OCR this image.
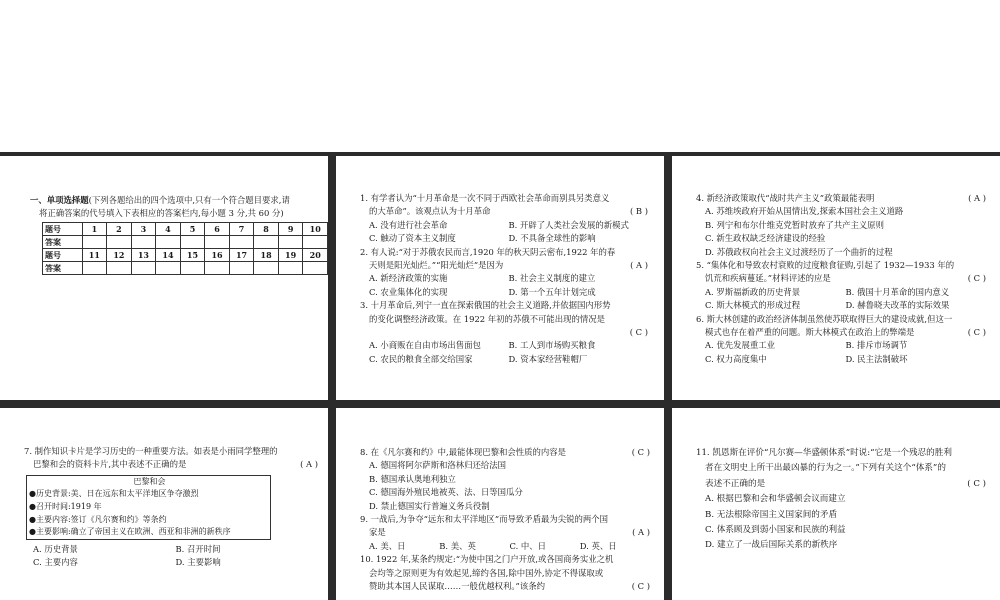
一、单项选择题(下列各题给出的四个选项中,只有一个符合题目要求,请
将正确答案的代号填入下表相应的答案栏内,每小题 3 分,共 60 分)
题号	1	2	3	4	5	6	7	8	9	10
答案										
题号	11	12	13	14	15	16	17	18	19	20
答案										
1. 有学者认为“十月革命是一次不同于西欧社会革命而别具另类意义
的大革命”。该观点认为十月革命	( B )
A. 没有进行社会革命	B. 开辟了人类社会发展的新模式
C. 触动了资本主义制度	D. 不具备全球性的影响
2. 有人说:“对于苏俄农民而言,1920 年的秋天阴云密布,1922 年的春
天则是阳光灿烂。”“阳光灿烂”是因为	( A )
A. 新经济政策的实施	B. 社会主义制度的建立
C. 农业集体化的实现	D. 第一个五年计划完成
3. 十月革命后,列宁一直在探索俄国的社会主义道路,并依据国内形势
的变化调整经济政策。在 1922 年初的苏俄不可能出现的情况是
( C )
A. 小商贩在自由市场出售面包	B. 工人到市场购买粮食
C. 农民的粮食全部交给国家	D. 资本家经营鞋帽厂
4. 新经济政策取代“战时共产主义”政策最能表明	( A )
A. 苏维埃政府开始从国情出发,探索本国社会主义道路
B. 列宁和布尔什维克党暂时放弃了共产主义原则
C. 新生政权缺乏经济建设的经验
D. 苏俄政权向社会主义过渡经历了一个曲折的过程
5. “集体化和导致农村衰败的过度粮食征购,引起了 1932—1933 年的
饥荒和疾病蔓延。”材料评述的应是	( C )
A. 罗斯福新政的历史背景	B. 俄国十月革命的国内意义
C. 斯大林模式的形成过程	D. 赫鲁晓夫改革的实际效果
6. 斯大林创建的政治经济体制虽然使苏联取得巨大的建设成就,但这一
模式也存在着严重的问题。斯大林模式在政治上的弊端是	( C )
A. 优先发展重工业	B. 排斥市场调节
C. 权力高度集中	D. 民主法制破坏
7. 制作知识卡片是学习历史的一种重要方法。如表是小雨同学整理的
巴黎和会的资料卡片,其中表述不正确的是	( A )
巴黎和会
●历史背景:美、日在远东和太平洋地区争夺激烈
●召开时间:1919 年
●主要内容:签订《凡尔赛和约》等条约
●主要影响:确立了帝国主义在欧洲、西亚和非洲的新秩序
A. 历史背景	B. 召开时间
C. 主要内容	D. 主要影响
8. 在《凡尔赛和约》中,最能体现巴黎和会性质的内容是	( C )
A. 德国将阿尔萨斯和洛林归还给法国
B. 德国承认奥地利独立
C. 德国海外殖民地被英、法、日等国瓜分
D. 禁止德国实行普遍义务兵役制
9. 一战后,为争夺“远东和太平洋地区”而导致矛盾最为尖锐的两个国
家是	( A )
A. 美、日	B. 美、英	C. 中、日	D. 英、日
10. 1922 年,某条约规定:“为使中国之门户开放,或各国商务实业之机
会均等之原则更为有效起见,缔约各国,除中国外,协定不得谋取或
赞助其本国人民谋取……一般优越权利。”该条约	( C )
11. 凯恩斯在评价“凡尔赛—华盛顿体系”时说:“它是一个残忍的胜利
者在文明史上所干出最凶暴的行为之一。”下列有关这个“体系”的
表述不正确的是	( C )
A. 根据巴黎和会和华盛顿会议而建立
B. 无法根除帝国主义国家间的矛盾
C. 体系顾及到弱小国家和民族的利益
D. 建立了一战后国际关系的新秩序
